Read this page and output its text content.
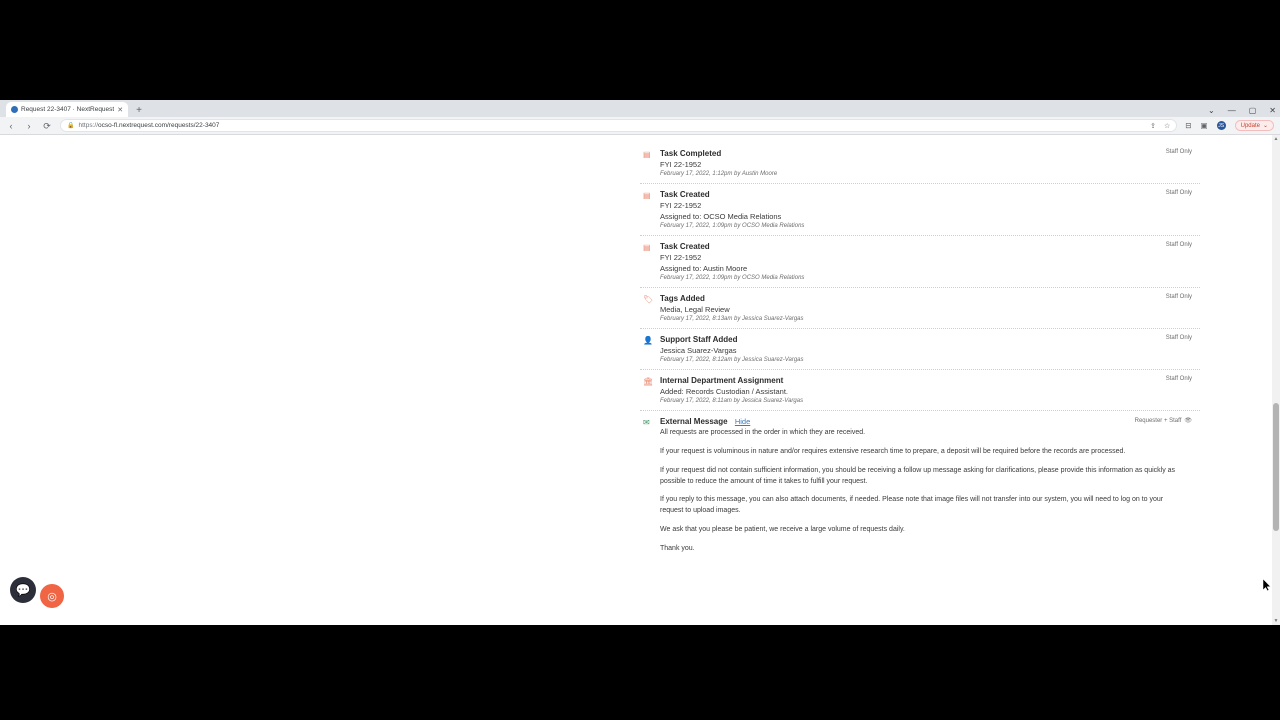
Request 22-3407 · NextRequest ✕ +	⌄ — ▢ ✕
‹	›	⟳	🔒 https://ocso-fl.nextrequest.com/requests/22-3407	⇪ ☆ ⊟ ▣	JS	Update ⌄
▤ Task Completed
FYI 22-1952
February 17, 2022, 1:12pm by Austin Moore
Staff Only
▤ Task Created
FYI 22-1952
Assigned to: OCSO Media Relations
February 17, 2022, 1:09pm by OCSO Media Relations
Staff Only
▤ Task Created
FYI 22-1952
Assigned to: Austin Moore
February 17, 2022, 1:09pm by OCSO Media Relations
Staff Only
🏷 Tags Added
Media, Legal Review
February 17, 2022, 8:13am by Jessica Suarez-Vargas
Staff Only
👤 Support Staff Added
Jessica Suarez-Vargas
February 17, 2022, 8:12am by Jessica Suarez-Vargas
Staff Only
🏛 Internal Department Assignment
Added: Records Custodian / Assistant.
February 17, 2022, 8:11am by Jessica Suarez-Vargas
Staff Only
✉ External Message Hide	Requester + Staff 👁

All requests are processed in the order in which they are received.

If your request is voluminous in nature and/or requires extensive research time to prepare, a deposit will be required before the records are processed.

If your request did not contain sufficient information, you should be receiving a follow up message asking for clarifications, please provide this information as quickly as possible to reduce the amount of time it takes to fulfill your request.

If you reply to this message, you can also attach documents, if needed. Please note that image files will not transfer into our system, you will need to log on to your request to upload images.

We ask that you please be patient, we receive a large volume of requests daily.

Thank you.

💬	◎
▲
▼
